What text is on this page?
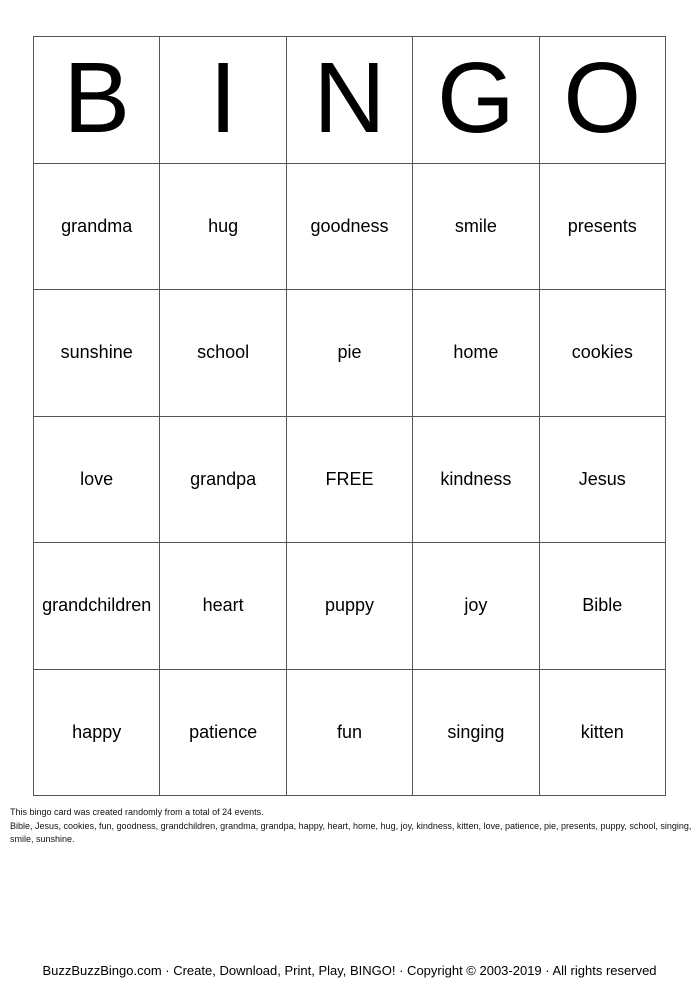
B I N G O
grandma	hug	goodness	smile	presents
sunshine	school	pie	home	cookies
love	grandpa	FREE	kindness	Jesus
grandchildren	heart	puppy	joy	Bible
happy	patience	fun	singing	kitten
This bingo card was created randomly from a total of 24 events.
Bible, Jesus, cookies, fun, goodness, grandchildren, grandma, grandpa, happy, heart, home, hug, joy, kindness, kitten, love, patience, pie, presents, puppy, school, singing, smile, sunshine.
BuzzBuzzBingo.com · Create, Download, Print, Play, BINGO! · Copyright © 2003-2019 · All rights reserved
